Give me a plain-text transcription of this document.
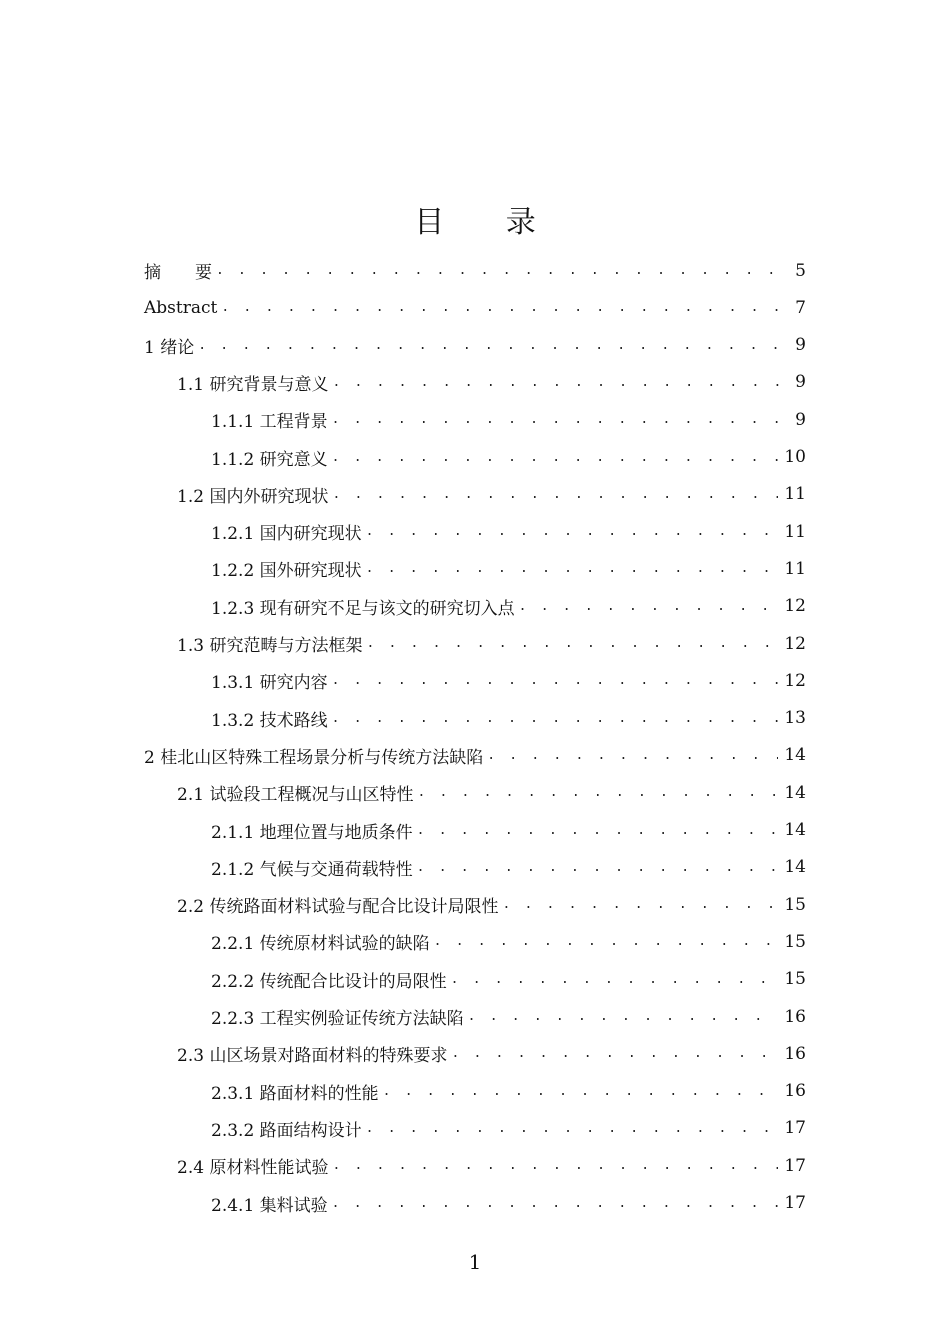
目 录
摘　　要 . . .	5
Abstract . . .	7
1 绪论 . . .	9
1.1 研究背景与意义 . . .	9
1.1.1 工程背景 . . .	9
1.1.2 研究意义 . . .	10
1.2 国内外研究现状 . . .	11
1.2.1 国内研究现状 . . .	11
1.2.2 国外研究现状 . . .	11
1.2.3 现有研究不足与该文的研究切入点 . . .	12
1.3 研究范畴与方法框架 . . .	12
1.3.1 研究内容 . . .	12
1.3.2 技术路线 . . .	13
2 桂北山区特殊工程场景分析与传统方法缺陷 . . .	14
2.1 试验段工程概况与山区特性 . . .	14
2.1.1 地理位置与地质条件 . . .	14
2.1.2 气候与交通荷载特性 . . .	14
2.2 传统路面材料试验与配合比设计局限性 . . .	15
2.2.1 传统原材料试验的缺陷 . . .	15
2.2.2 传统配合比设计的局限性 . . .	15
2.2.3 工程实例验证传统方法缺陷 . . .	16
2.3 山区场景对路面材料的特殊要求 . . .	16
2.3.1 路面材料的性能 . . .	16
2.3.2 路面结构设计 . . .	17
2.4 原材料性能试验 . . .	17
2.4.1 集料试验 . . .	17
1
